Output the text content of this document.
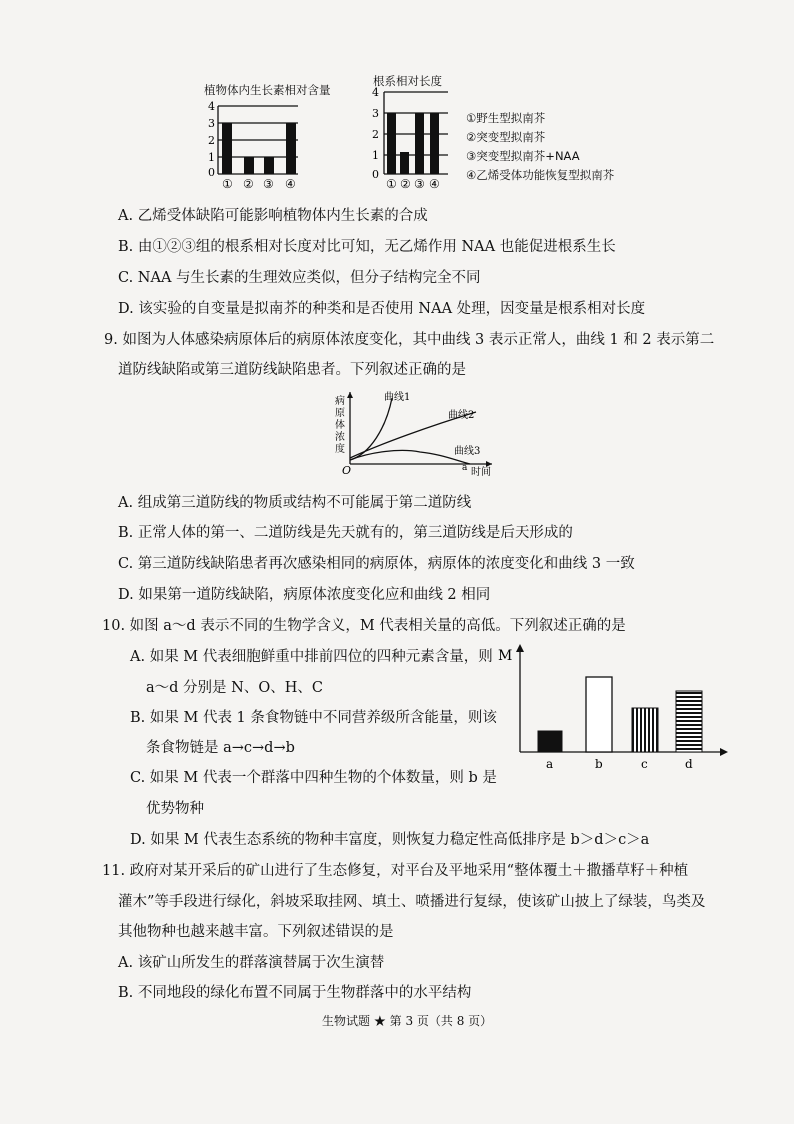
植物体内生长素相对含量
4
3
2
1
0
① ② ③ ④
根系相对长度
4
3
2
1
0
① ② ③ ④
①野生型拟南芥
②突变型拟南芥
③突变型拟南芥+NAA
④乙烯受体功能恢复型拟南芥
A. 乙烯受体缺陷可能影响植物体内生长素的合成
B. 由①②③组的根系相对长度对比可知，无乙烯作用 NAA 也能促进根系生长
C. NAA 与生长素的生理效应类似，但分子结构完全不同
D. 该实验的自变量是拟南芥的种类和是否使用 NAA 处理，因变量是根系相对长度
9. 如图为人体感染病原体后的病原体浓度变化，其中曲线 3 表示正常人，曲线 1 和 2 表示第二
道防线缺陷或第三道防线缺陷患者。下列叙述正确的是
病
原
体
浓
度
曲线1
曲线2
曲线3
O	a 时间
A. 组成第三道防线的物质或结构不可能属于第二道防线
B. 正常人体的第一、二道防线是先天就有的，第三道防线是后天形成的
C. 第三道防线缺陷患者再次感染相同的病原体，病原体的浓度变化和曲线 3 一致
D. 如果第一道防线缺陷，病原体浓度变化应和曲线 2 相同
10. 如图 a～d 表示不同的生物学含义，M 代表相关量的高低。下列叙述正确的是
A. 如果 M 代表细胞鲜重中排前四位的四种元素含量，则
a～d 分别是 N、O、H、C
B. 如果 M 代表 1 条食物链中不同营养级所含能量，则该
条食物链是 a→c→d→b
C. 如果 M 代表一个群落中四种生物的个体数量，则 b 是
优势物种
D. 如果 M 代表生态系统的物种丰富度，则恢复力稳定性高低排序是 b＞d＞c＞a
M
a	b	c	d
11. 政府对某开采后的矿山进行了生态修复，对平台及平地采用“整体覆土＋撒播草籽＋种植
灌木”等手段进行绿化，斜坡采取挂网、填土、喷播进行复绿，使该矿山披上了绿装，鸟类及
其他物种也越来越丰富。下列叙述错误的是
A. 该矿山所发生的群落演替属于次生演替
B. 不同地段的绿化布置不同属于生物群落中的水平结构
生物试题 ★ 第 3 页（共 8 页）
